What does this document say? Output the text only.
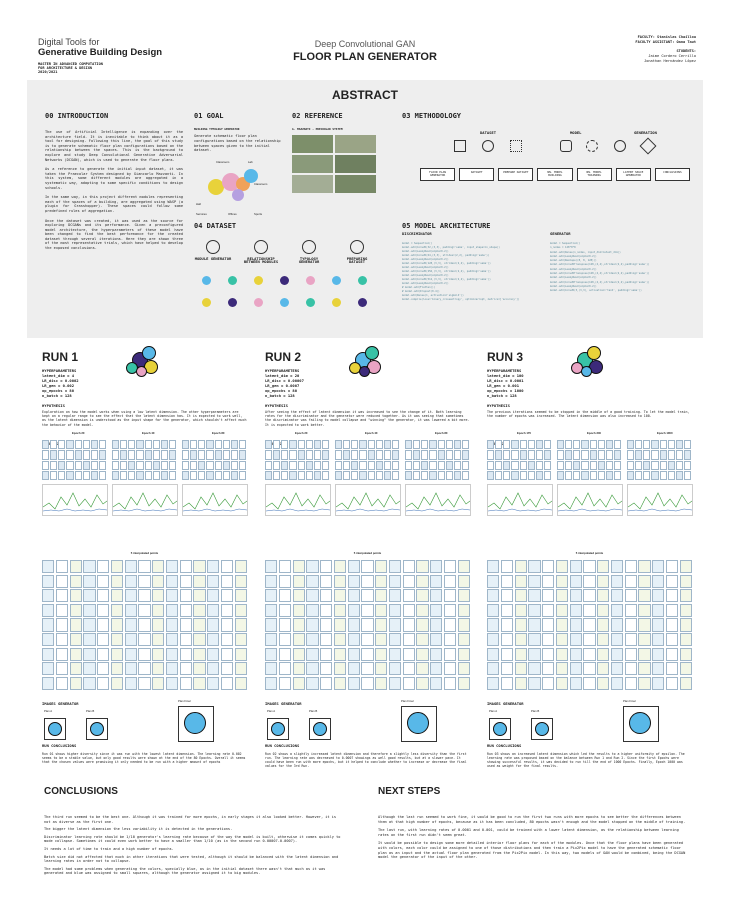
Digital Tools for
Generative Building Design
MASTER IN ADVANCED COMPUTATION
FOR ARCHITECTURE & DESIGN
2020/2021
Deep Convolutional GAN
FLOOR PLAN GENERATOR
FACULTY: Stanislas Chaillou
FACULTY ASSISTANT: Oana Taut
STUDENTS:
Jaime Cordero Cerrillo
Jonathan Hernández López
ABSTRACT
00 INTRODUCTION
The use of Artificial Intelligence is expanding over the architecture field. It is inevitable to think about it as a tool for designing. Following this line, the goal of this study is to generate schematic floor plan configurations based on the relationship between the spaces. This is the background to explore and study Deep Convolutional Generative Adversarial Networks (DCGAN), which is used to generate the floor plans.
As a reference to generate the initial input dataset, it was taken the Praecolar System designed by Giancarlo Mazzanti. In this system, some different modules are aggregated in a systematic way, adapting to some specific conditions to design schools.
In the same way, in this project different modules representing each of the spaces of a building, are aggregated using WASP (a plugin for Grasshopper). These spaces could follow some predefined rules of aggregation.
Once the dataset was created, it was used as the source for exploring DCGANs and its performance. Given a preconfigured model architecture, the hyperparameters of these model have been changed to find the best performance for the created dataset through several iterations. Here they are shown three of the most representative trials, which have helped to develop the exposed conclusions.
01 GOAL
BUILDING TYPOLOGY GENERATOR
Generate schematic floor plan configurations based on the relationship between spaces given to the initial dataset.
Classroom	Lab
Classroom
Hall
Services	Offices	Sports
02 REFERENCE
G. MAZZANTI - PRECOOLAR SYSTEM
03 METHODOLOGY
DATASET	MODEL	GENERATION
FLOOR PLAN GENERATOR
DATASET	PREPARE DATASET	NN. MODEL BUILDING
NN. MODEL TRAINING
LATENT SPACE GENERATOR
CONCLUSIONS
04 DATASET
MODULE GENERATOR	RELATIONSHIP BETWEEN MODULES
TYPOLOGY GENERATOR
PREPARING DATASET
05 MODEL ARCHITECTURE
DISCRIMINATOR	GENERATOR
model = Sequential()
model.add(Conv2D(32,(3,3), padding='same', input_shape=in_shape))
model.add(LeakyReLU(alpha=0.2))
model.add(Conv2D(64,(3,3), strides=(2,2), padding='same'))
model.add(LeakyReLU(alpha=0.2))
model.add(Conv2D(128,(3,3), strides=(2,2), padding='same'))
model.add(LeakyReLU(alpha=0.2))
model.add(Conv2D(256,(3,3), strides=(2,2), padding='same'))
model.add(LeakyReLU(alpha=0.2))
model.add(Conv2D(512,(3,3), strides=(2,2), padding='same'))
model.add(LeakyReLU(alpha=0.2))
# model.add(Flatten())
# model.add(Dropout(0.4))
model.add(Dense(1, activation='sigmoid'))
model.compile(loss='binary_crossentropy', optimizer=opt, metrics=['accuracy'])
model = Sequential()
n_nodes = 128*8*8
model.add(Dense(n_nodes, input_dim=latent_dim))
model.add(LeakyReLU(alpha=0.2))
model.add(Reshape((8, 8, 128)))
model.add(Conv2DTranspose(128,(4,4),strides=(2,2),padding='same'))
model.add(LeakyReLU(alpha=0.2))
model.add(Conv2DTranspose(128,(4,4),strides=(2,2),padding='same'))
model.add(LeakyReLU(alpha=0.2))
model.add(Conv2DTranspose(128,(4,4),strides=(2,2),padding='same'))
model.add(LeakyReLU(alpha=0.2))
model.add(Conv2D(3,(3,3), activation='tanh', padding='same'))
RUN 1
HYPERPARAMETERS
latent_dim = 4
LR_disc = 0.0002
LR_gen = 0.002
op_epochs = 80
n_batch = 128
HYPOTHESIS
Exploration on how the model works when using a low latent dimension. The other hyperparameters are kept on a regular range to see the effect that the latent dimension has. It is expected to work well, as the latent dimension is understood as the input shape for the generator, which shouldn't affect much the behavior of the model.
Epoch 20	Epoch 40	Epoch 80
5 interpolated points
IMAGES GENERATOR
Plan A	Plan B
Plan Final
RUN CONCLUSIONS
Run 01 shows higher diversity since it was run with the lowest latent dimension. The learning rate 0.002 seems to be a stable value, but only good results were shown at the end of the 80 Epochs. Overall it seems that the chosen values were promising it only needed to be run with a higher amount of epochs
RUN 2
HYPERPARAMETERS
latent_dim = 20
LR_disc = 0.00007
LR_gen = 0.0007
op_epochs = 80
n_batch = 128
HYPOTHESIS
After seeing the effect of latent dimension it was increased to see the change of it. Both learning rates for the discriminator and the generator were reduced together. As it was seeing that sometimes the discriminator was failing to model collapse and "winning" the generator, it was lowered a bit more. It is expected to work better.
Epoch 20	Epoch 40	Epoch 80
5 interpolated points
IMAGES GENERATOR
Plan A	Plan B
Plan Final
RUN CONCLUSIONS
Run 02 shows a slightly increased latent dimension and therefore a slightly less diversity than the first run. The learning rate was decreased to 0.0007 showings as well good results, but at a slower pace. It could have been run with more epochs, but it helped to conclude whether to increase or decrease the final values for the 3rd Run.
RUN 3
HYPERPARAMETERS
latent_dim = 100
LR_disc = 0.0001
LR_gen = 0.001
op_epochs = 1000
n_batch = 128
HYPOTHESIS
The previous iterations seemed to be stopped in the middle of a good training. To let the model train, the number of epochs was increased. The latent dimension was also increased to 100.
Epoch 170	Epoch 340	Epoch 1000
5 interpolated points
IMAGES GENERATOR
Plan A	Plan B
Plan Final
RUN CONCLUSIONS
Run 03 shows an increased latent dimension which led the results to a higher uniformity of epsilon. The learning rate was proposed based on the balance between Run 1 and Run 2. Since the first Epochs were showing successful results, it was decided to run till the end of 1000 Epochs. Finally, Epoch 1000 was used as weight for the final results.
CONCLUSIONS
The third run seemed to be the best one. Although it was trained for more epochs, in early stages it also looked better. However, it is not as diverse as the first one.
The bigger the latent dimension the less variability it is detected in the generations.
Discriminator learning rate should be 1/10 generator's learning rate because of the way the model is built, otherwise it comes quickly to mode collapse. Sometimes it could even work better to have a smaller than 1/10 (as in the second run 0.00007-0.0007).
It needs a lot of time to train and a high number of epochs.
Batch size did not affected that much in other iterations that were tested, although it should be balanced with the latent dimension and learning rates in order not to collapse.
The model had some problems when generating the colors, specially blue, as in the initial dataset there wasn't that much as it was generated and blue was assigned to small squares, although the generator assigned it to big modules.
NEXT STEPS
Although the last run seemed to work fine, it would be good to run the first two runs with more epochs to see better the differences between them at that high number of epochs, because as it has been concluded, 80 epochs wasn't enough and the model stopped on the middle of training.
The last run, with learning rates of 0.0001 and 0.001, could be trained with a lower latent dimension, as the relationship between learning rates on the first run didn't seem great.
It would be possible to design some more detailed interior floor plans for each of the modules. Once that the floor plans have been generated with colors, each color could be assigned to one of those distributions and then train a Pix2Pix model to have the generated schematic floor plan as an input and the actual floor plan generated from the Pix2Pix model. In this way, two models of GAN would be combined, being the DCGAN model the generator of the input of the other.
